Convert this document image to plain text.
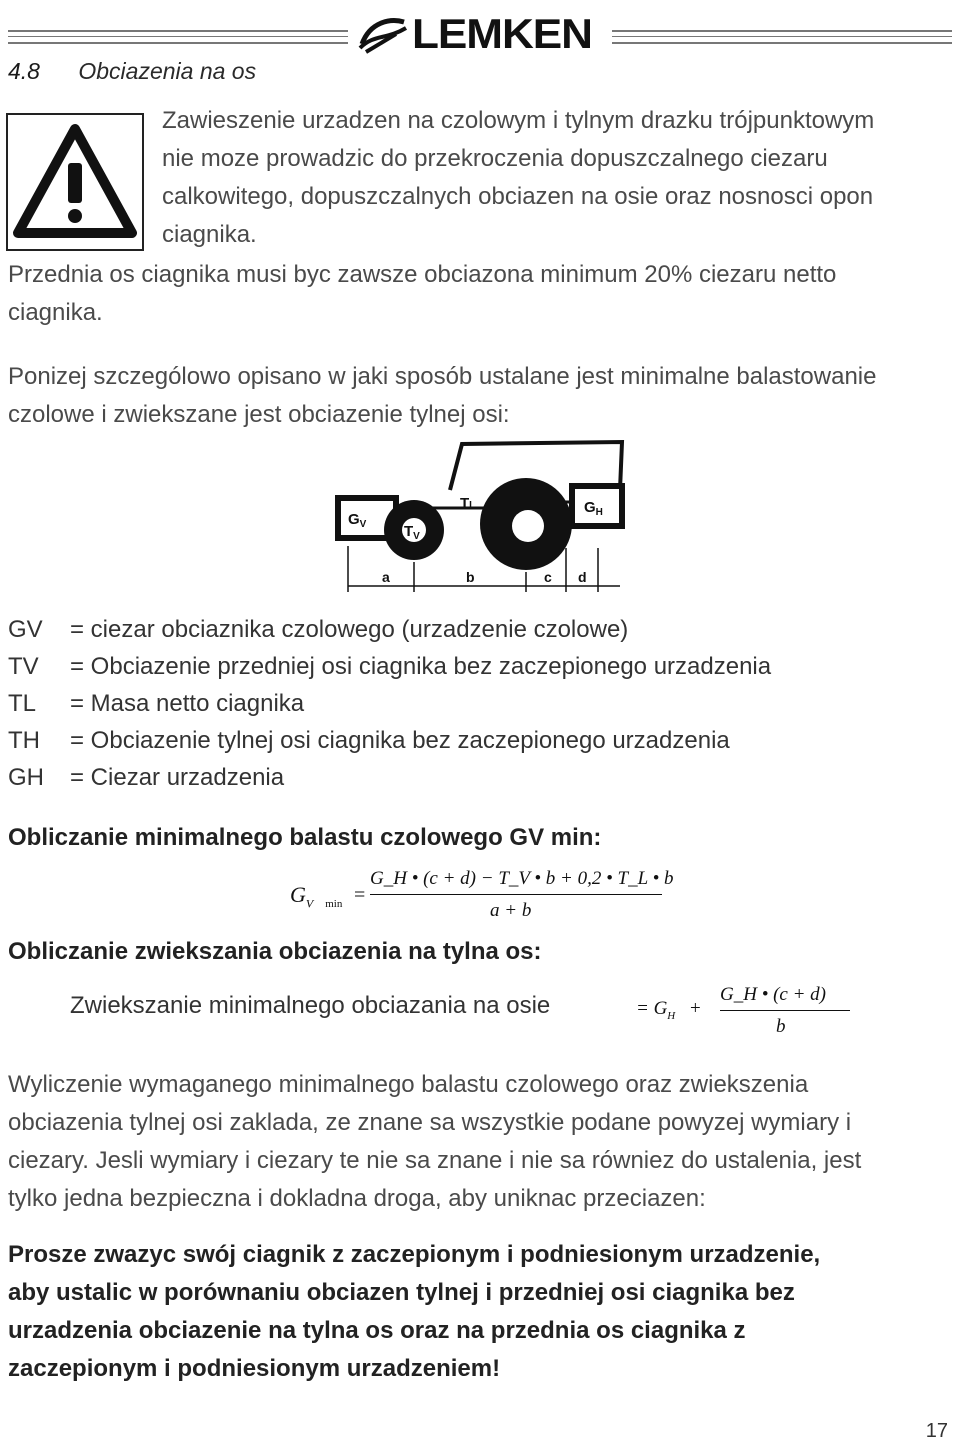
LEMKEN
4.8 Obciazenia na os
Zawieszenie urzadzen na czolowym i tylnym drazku trójpunktowym
nie moze prowadzic do przekroczenia dopuszczalnego ciezaru
calkowitego, dopuszczalnych obciazen na osie oraz nosnosci opon
ciagnika.
Przednia os ciagnika musi byc zawsze obciazona minimum 20% ciezaru netto
ciagnika.
Ponizej szczególowo opisano w jaki sposób ustalane jest minimalne balastowanie
czolowe i zwiekszane jest obciazenie tylnej osi:
$G_V$	$T_V$
TL
$T_H$
$G_H$
a	b	c d
GV = ciezar obciaznika czolowego (urzadzenie czolowe)
TV = Obciazenie przedniej osi ciagnika bez zaczepionego urzadzenia
TL = Masa netto ciagnika
TH = Obciazenie tylnej osi ciagnika bez zaczepionego urzadzenia
GH = Ciezar urzadzenia
Obliczanie minimalnego balastu czolowego GV min:
$G_V$ $_{min}$ =
G_H • (c + d) − T_V • b + 0,2 • T_L • b
a + b
Obliczanie zwiekszania obciazenia na tylna os:
Zwiekszanie minimalnego obciazania na osie	= $G_H$ +
G_H • (c + d)
b
Wyliczenie wymaganego minimalnego balastu czolowego oraz zwiekszenia
obciazenia tylnej osi zaklada, ze znane sa wszystkie podane powyzej wymiary i
ciezary. Jesli wymiary i ciezary te nie sa znane i nie sa równiez do ustalenia, jest
tylko jedna bezpieczna i dokladna droga, aby uniknac przeciazen:
Prosze zwazyc swój ciagnik z zaczepionym i podniesionym urzadzenie,
aby ustalic w porównaniu obciazen tylnej i przedniej osi ciagnika bez
urzadzenia obciazenie na tylna os oraz na przednia os ciagnika z
zaczepionym i podniesionym urzadzeniem!
17
